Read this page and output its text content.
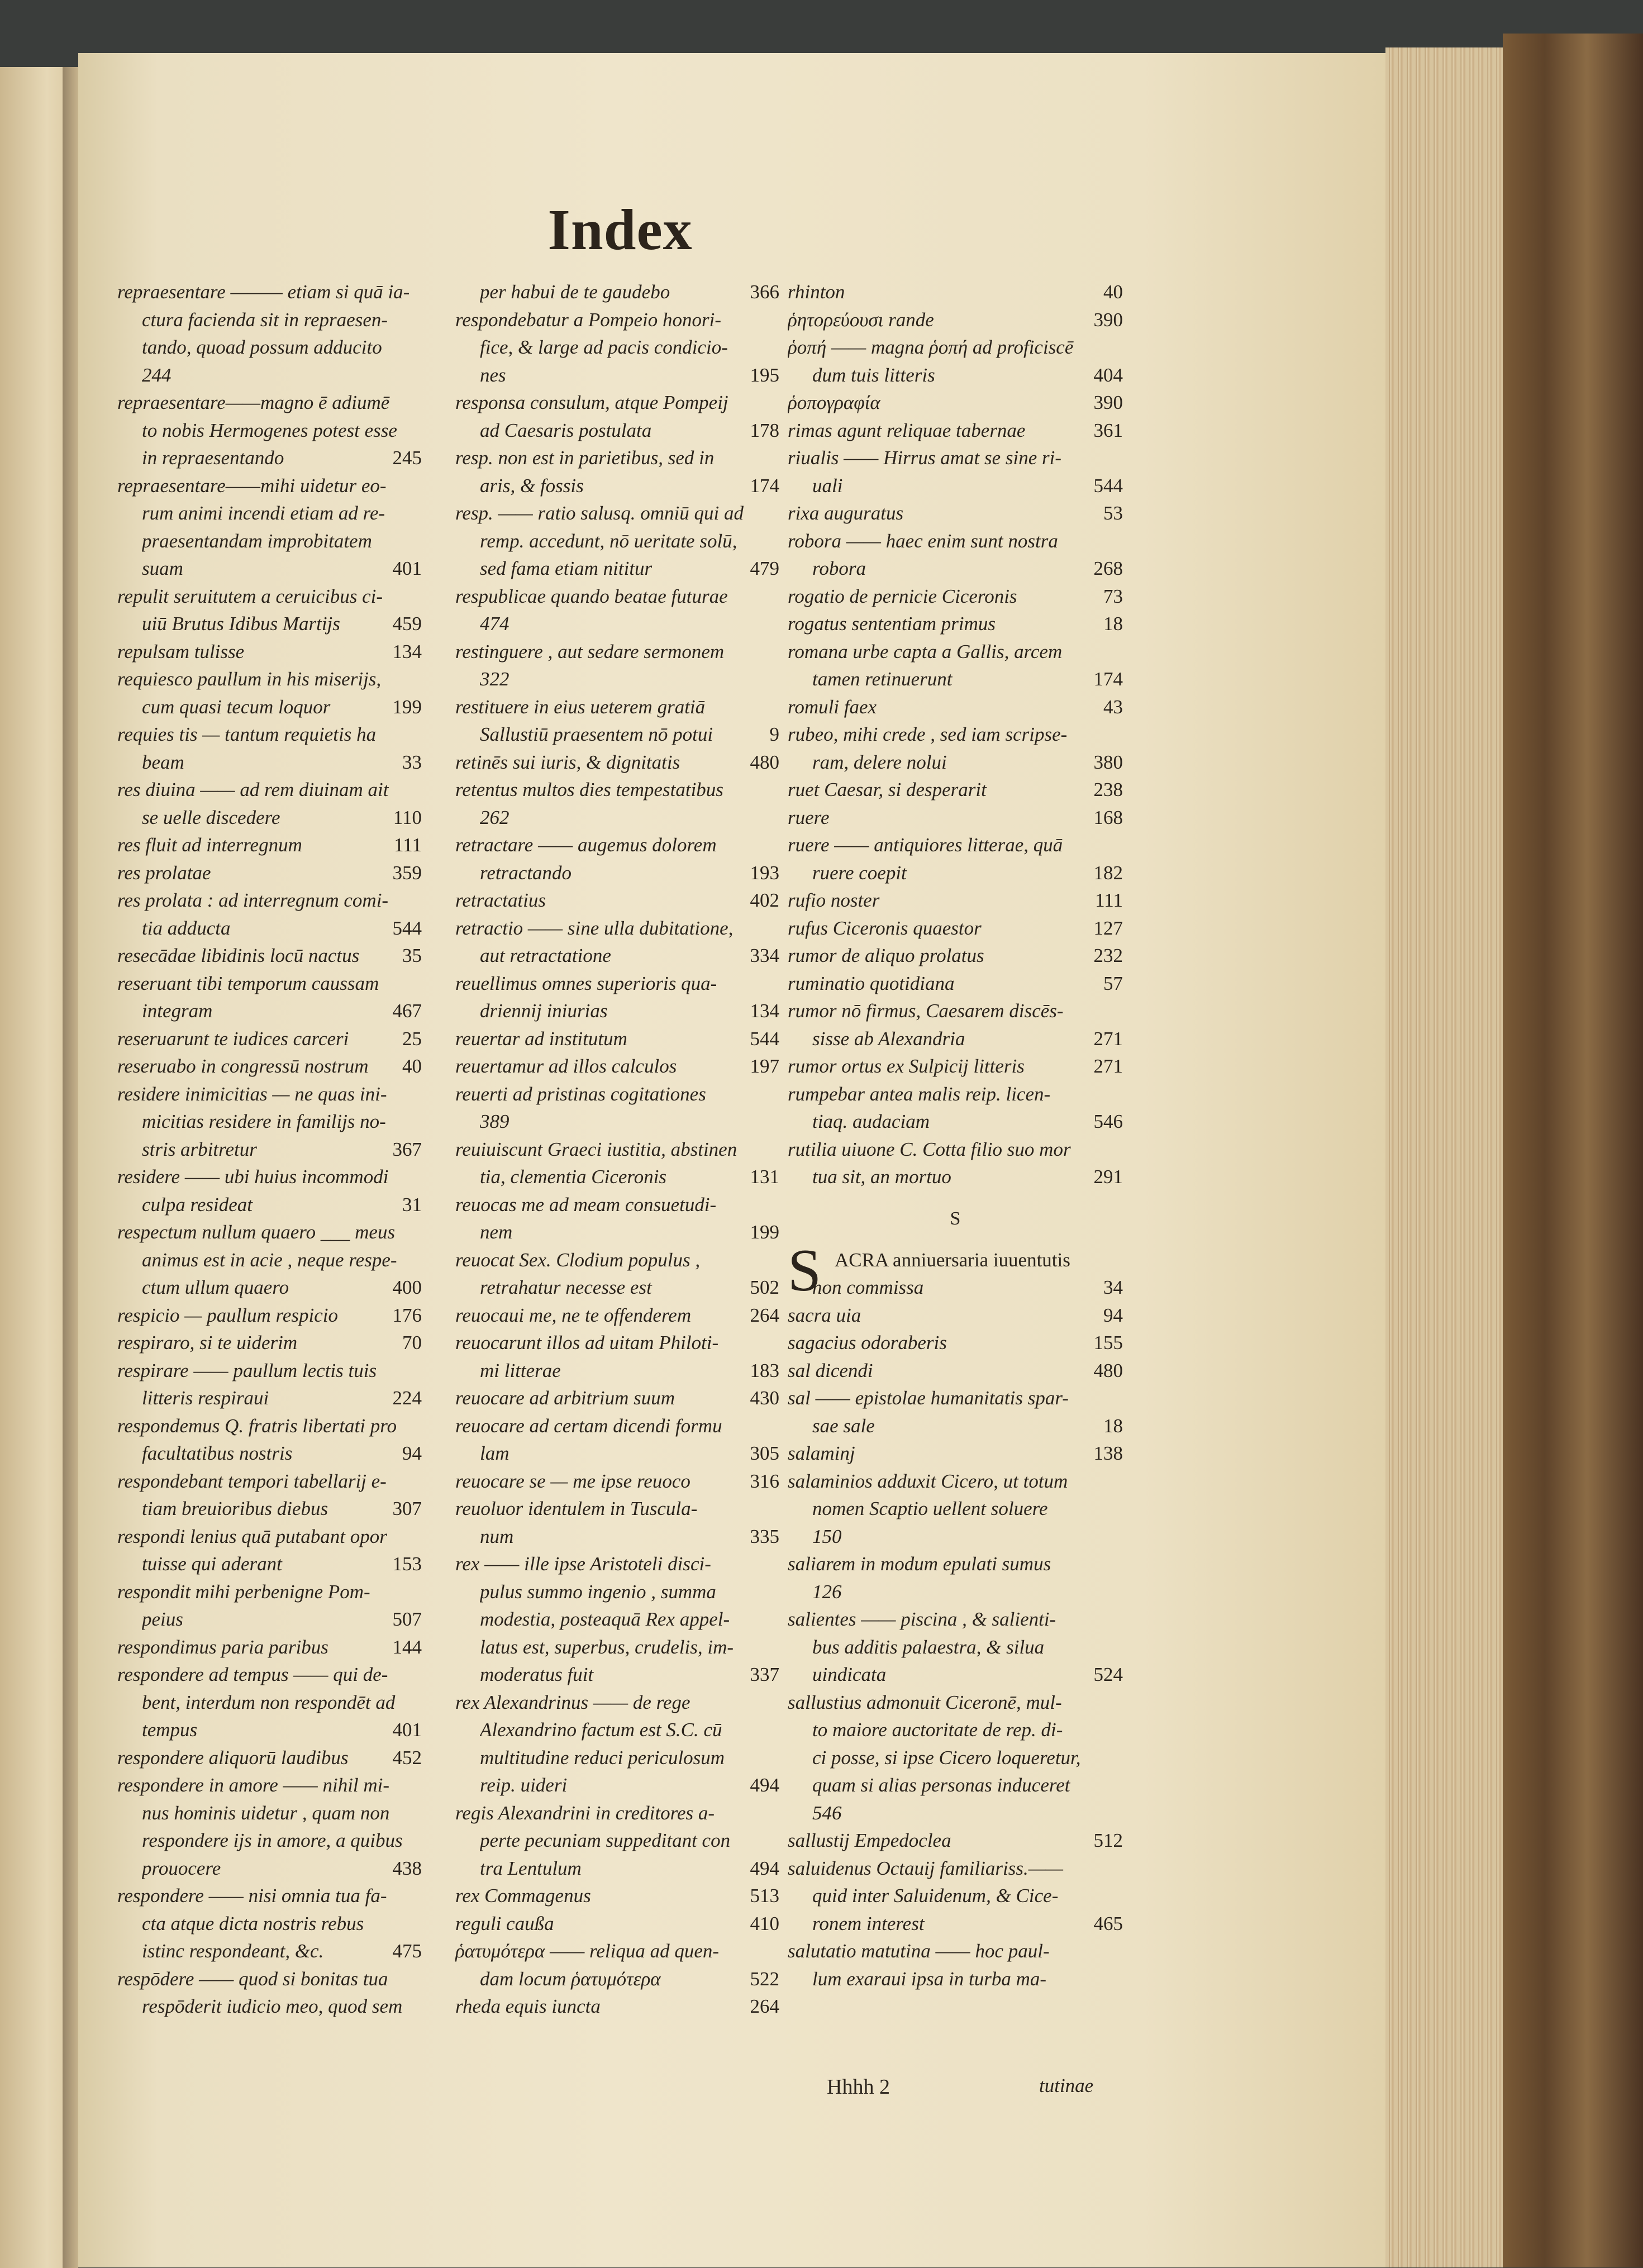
Index
repraesentare ——— etiam si quā ia-
ctura facienda sit in repraesen-
tando, quoad possum adducito
244
repraesentare——magno ē adiumē
to nobis Hermogenes potest esse
in repraesentando	245
repraesentare——mihi uidetur eo-
rum animi incendi etiam ad re-
praesentandam improbitatem
suam	401
repulit seruitutem a ceruicibus ci-
uiū Brutus Idibus Martijs	459
repulsam tulisse	134
requiesco paullum in his miserijs,
cum quasi tecum loquor	199
requies tis — tantum requietis ha
beam	33
res diuina —— ad rem diuinam ait
se uelle discedere	110
res fluit ad interregnum	111
res prolatae	359
res prolata : ad interregnum comi-
tia adducta	544
resecādae libidinis locū nactus	35
reseruant tibi temporum caussam
integram	467
reseruarunt te iudices carceri	25
reseruabo in congressū nostrum	40
residere inimicitias — ne quas ini-
micitias residere in familijs no-
stris arbitretur	367
residere —— ubi huius incommodi
culpa resideat	31
respectum nullum quaero ___ meus
animus est in acie , neque respe-
ctum ullum quaero	400
respicio — paullum respicio	176
respiraro, si te uiderim	70
respirare —— paullum lectis tuis
litteris respiraui	224
respondemus Q. fratris libertati pro
facultatibus nostris	94
respondebant tempori tabellarij e-
tiam breuioribus diebus	307
respondi lenius quā putabant opor
tuisse qui aderant	153
respondit mihi perbenigne Pom-
peius	507
respondimus paria paribus	144
respondere ad tempus —— qui de-
bent, interdum non respondēt ad
tempus	401
respondere aliquorū laudibus	452
respondere in amore —— nihil mi-
nus hominis uidetur , quam non
respondere ijs in amore, a quibus
prouocere	438
respondere —— nisi omnia tua fa-
cta atque dicta nostris rebus
istinc respondeant, &c.	475
respōdere —— quod si bonitas tua
respōderit iudicio meo, quod sem
per habui de te gaudebo	366
respondebatur a Pompeio honori-
fice, & large ad pacis condicio-
nes	195
responsa consulum, atque Pompeij
ad Caesaris postulata	178
resp. non est in parietibus, sed in
aris, & fossis	174
resp. —— ratio salusq. omniū qui ad
remp. accedunt, nō ueritate solū,
sed fama etiam nititur	479
respublicae quando beatae futurae
474
restinguere , aut sedare sermonem
322
restituere in eius ueterem gratiā
Sallustiū praesentem nō potui	9
retinēs sui iuris, & dignitatis	480
retentus multos dies tempestatibus
262
retractare —— augemus dolorem
retractando	193
retractatius	402
retractio —— sine ulla dubitatione,
aut retractatione	334
reuellimus omnes superioris qua-
driennij iniurias	134
reuertar ad institutum	544
reuertamur ad illos calculos	197
reuerti ad pristinas cogitationes
389
reuiuiscunt Graeci iustitia, abstinen
tia, clementia Ciceronis	131
reuocas me ad meam consuetudi-
nem	199
reuocat Sex. Clodium populus ,
retrahatur necesse est	502
reuocaui me, ne te offenderem	264
reuocarunt illos ad uitam Philoti-
mi litterae	183
reuocare ad arbitrium suum	430
reuocare ad certam dicendi formu
lam	305
reuocare se — me ipse reuoco	316
reuoluor identulem in Tuscula-
num	335
rex —— ille ipse Aristoteli disci-
pulus summo ingenio , summa
modestia, posteaquā Rex appel-
latus est, superbus, crudelis, im-
moderatus fuit	337
rex Alexandrinus —— de rege
Alexandrino factum est S.C. cū
multitudine reduci periculosum
reip. uideri	494
regis Alexandrini in creditores a-
perte pecuniam suppeditant con
tra Lentulum	494
rex Commagenus	513
reguli caußa	410
ῥατυμότερα —— reliqua ad quen-
dam locum ῥατυμότερα	522
rheda equis iuncta	264
rhinton	40
ῥητορεύουσι rande	390
ῥοπή —— magna ῥοπή ad proficiscē
dum tuis litteris	404
ῥοπογραφία	390
rimas agunt reliquae tabernae	361
riualis —— Hirrus amat se sine ri-
uali	544
rixa auguratus	53
robora —— haec enim sunt nostra
robora	268
rogatio de pernicie Ciceronis	73
rogatus sententiam primus	18
romana urbe capta a Gallis, arcem
tamen retinuerunt	174
romuli faex	43
rubeo, mihi crede , sed iam scripse-
ram, delere nolui	380
ruet Caesar, si desperarit	238
ruere	168
ruere —— antiquiores litterae, quā
ruere coepit	182
rufio noster	111
rufus Ciceronis quaestor	127
rumor de aliquo prolatus	232
ruminatio quotidiana	57
rumor nō firmus, Caesarem discēs-
sisse ab Alexandria	271
rumor ortus ex Sulpicij litteris	271
rumpebar antea malis reip. licen-
tiaq. audaciam	546
rutilia uiuone C. Cotta filio suo mor
tua sit, an mortuo	291
S
S ACRA anniuersaria iuuentutis
non commissa	34
sacra uia	94
sagacius odoraberis	155
sal dicendi	480
sal —— epistolae humanitatis spar-
sae sale	18
salaminj	138
salaminios adduxit Cicero, ut totum
nomen Scaptio uellent soluere
150
saliarem in modum epulati sumus
126
salientes —— piscina , & salienti-
bus additis palaestra, & silua
uindicata	524
sallustius admonuit Ciceronē, mul-
to maiore auctoritate de rep. di-
ci posse, si ipse Cicero loqueretur,
quam si alias personas induceret
546
sallustij Empedoclea	512
saluidenus Octauij familiariss.——
quid inter Saluidenum, & Cice-
ronem interest	465
salutatio matutina —— hoc paul-
lum exaraui ipsa in turba ma-
Hhhh 2	tutinae
